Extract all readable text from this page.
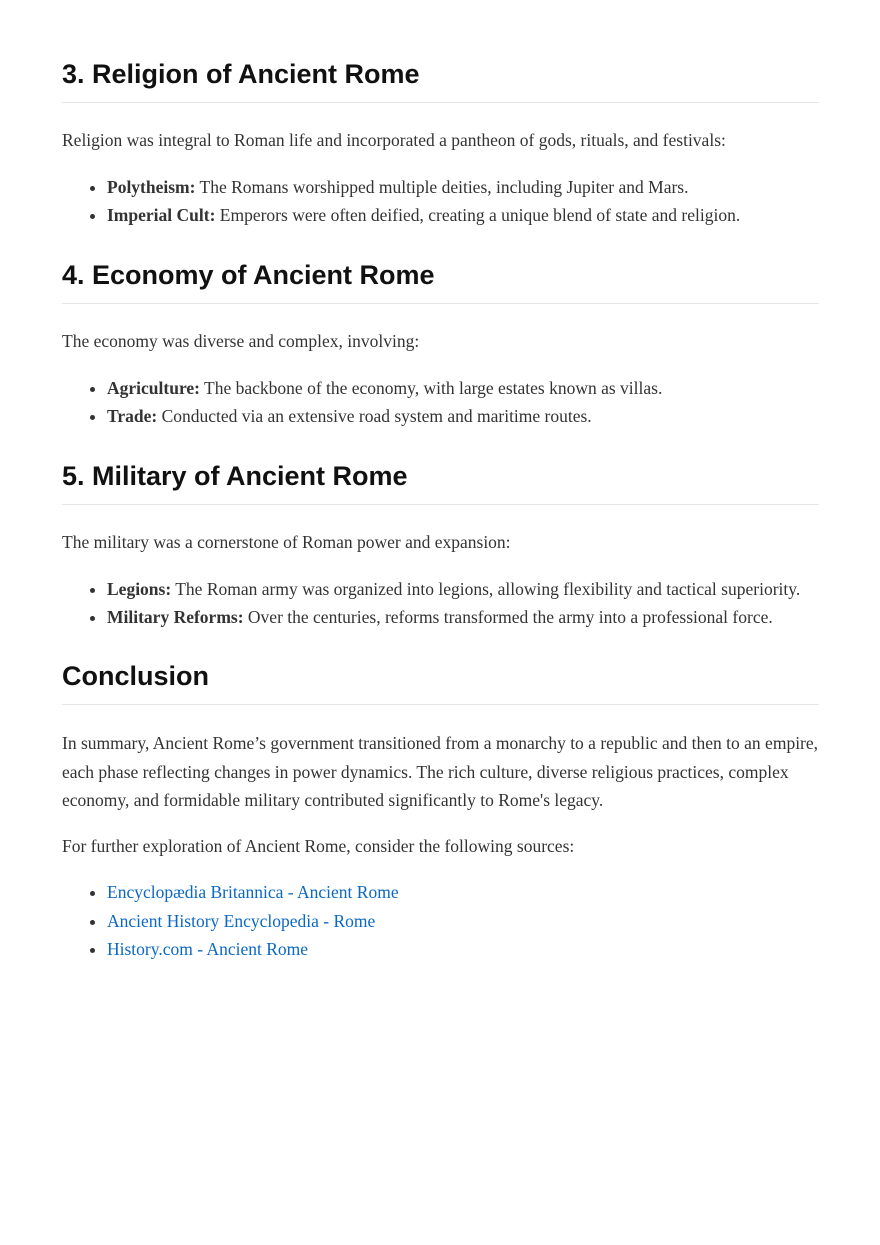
3. Religion of Ancient Rome

Religion was integral to Roman life and incorporated a pantheon of gods, rituals, and festivals:

• Polytheism: The Romans worshipped multiple deities, including Jupiter and Mars.
• Imperial Cult: Emperors were often deified, creating a unique blend of state and religion.
4. Economy of Ancient Rome

The economy was diverse and complex, involving:

• Agriculture: The backbone of the economy, with large estates known as villas.
• Trade: Conducted via an extensive road system and maritime routes.
5. Military of Ancient Rome

The military was a cornerstone of Roman power and expansion:

• Legions: The Roman army was organized into legions, allowing flexibility and tactical superiority.
• Military Reforms: Over the centuries, reforms transformed the army into a professional force.
Conclusion

In summary, Ancient Rome’s government transitioned from a monarchy to a republic and then to an empire, each phase reflecting changes in power dynamics. The rich culture, diverse religious practices, complex economy, and formidable military contributed significantly to Rome's legacy.

For further exploration of Ancient Rome, consider the following sources:

• Encyclopædia Britannica - Ancient Rome
• Ancient History Encyclopedia - Rome
• History.com - Ancient Rome
